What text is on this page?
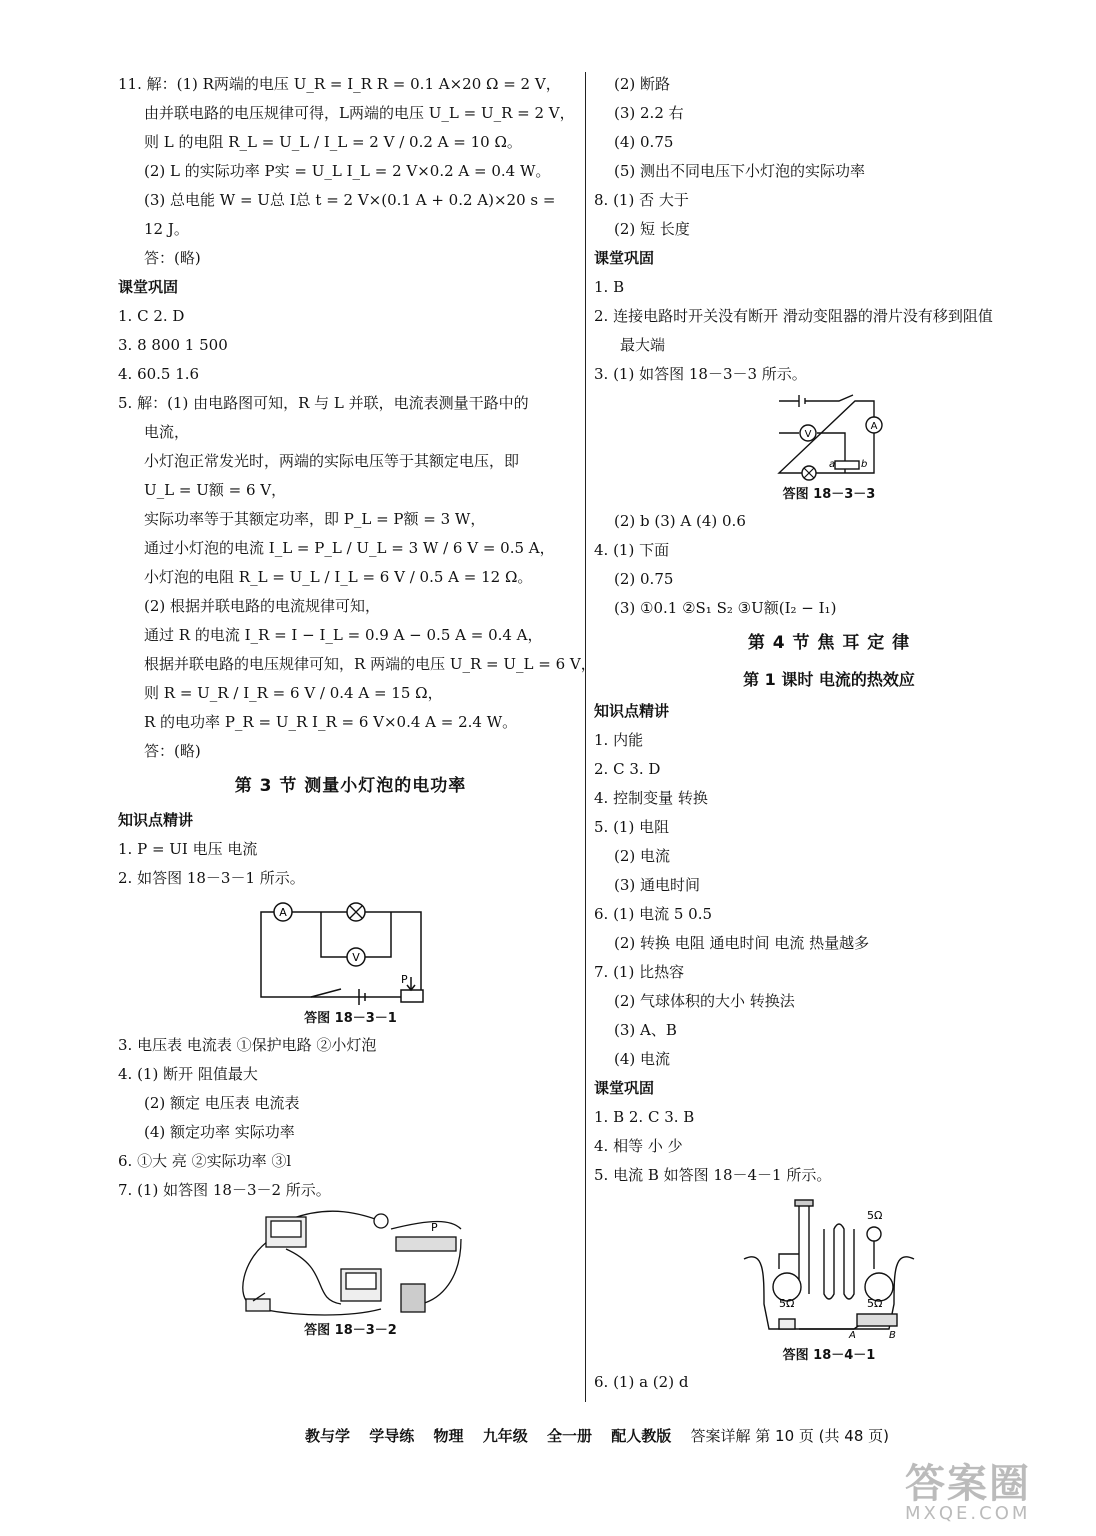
11. 解：(1) R两端的电压 U_R = I_R R = 0.1 A×20 Ω = 2 V，
由并联电路的电压规律可得，L两端的电压 U_L = U_R = 2 V，
则 L 的电阻 R_L = U_L / I_L = 2 V / 0.2 A = 10 Ω。
(2) L 的实际功率 P实 = U_L I_L = 2 V×0.2 A = 0.4 W。
(3) 总电能 W = U总 I总 t = 2 V×(0.1 A + 0.2 A)×20 s =
12 J。
答：(略)
课堂巩固
1. C 2. D
3. 8 800 1 500
4. 60.5 1.6
5. 解：(1) 由电路图可知，R 与 L 并联，电流表测量干路中的
电流，
小灯泡正常发光时，两端的实际电压等于其额定电压，即
U_L = U额 = 6 V，
实际功率等于其额定功率，即 P_L = P额 = 3 W，
通过小灯泡的电流 I_L = P_L / U_L = 3 W / 6 V = 0.5 A，
小灯泡的电阻 R_L = U_L / I_L = 6 V / 0.5 A = 12 Ω。
(2) 根据并联电路的电流规律可知，
通过 R 的电流 I_R = I − I_L = 0.9 A − 0.5 A = 0.4 A，
根据并联电路的电压规律可知，R 两端的电压 U_R = U_L = 6 V，
则 R = U_R / I_R = 6 V / 0.4 A = 15 Ω，
R 的电功率 P_R = U_R I_R = 6 V×0.4 A = 2.4 W。
答：(略)
第 3 节 测量小灯泡的电功率
知识点精讲
1. P = UI 电压 电流
2. 如答图 18－3－1 所示。
A
V
P
答图 18－3－1
3. 电压表 电流表 ①保护电路 ②小灯泡
4. (1) 断开 阻值最大
(2) 额定 电压表 电流表
(4) 额定功率 实际功率
6. ①大 亮 ②实际功率 ③l
7. (1) 如答图 18－3－2 所示。
P
答图 18－3－2
(2) 断路
(3) 2.2 右
(4) 0.75
(5) 测出不同电压下小灯泡的实际功率
8. (1) 否 大于
(2) 短 长度
课堂巩固
1. B
2. 连接电路时开关没有断开 滑动变阻器的滑片没有移到阻值
最大端
3. (1) 如答图 18－3－3 所示。
V
A
a	b
答图 18－3－3
(2) b (3) A (4) 0.6
4. (1) 下面
(2) 0.75
(3) ①0.1 ②S₁ S₂ ③U额(I₂ − I₁)
第 4 节 焦 耳 定 律
第 1 课时 电流的热效应
知识点精讲
1. 内能
2. C 3. D
4. 控制变量 转换
5. (1) 电阻
(2) 电流
(3) 通电时间
6. (1) 电流 5 0.5
(2) 转换 电阻 通电时间 电流 热量越多
7. (1) 比热容
(2) 气球体积的大小 转换法
(3) A、B
(4) 电流
课堂巩固
1. B 2. C 3. B
4. 相等 小 少
5. 电流 B 如答图 18－4－1 所示。
5Ω	5Ω
5Ω
A	B
答图 18－4－1
6. (1) a (2) d
教与学 学导练 物理 九年级 全一册 配人教版 答案详解 第 10 页 (共 48 页)
答案圈
MXQE.COM
